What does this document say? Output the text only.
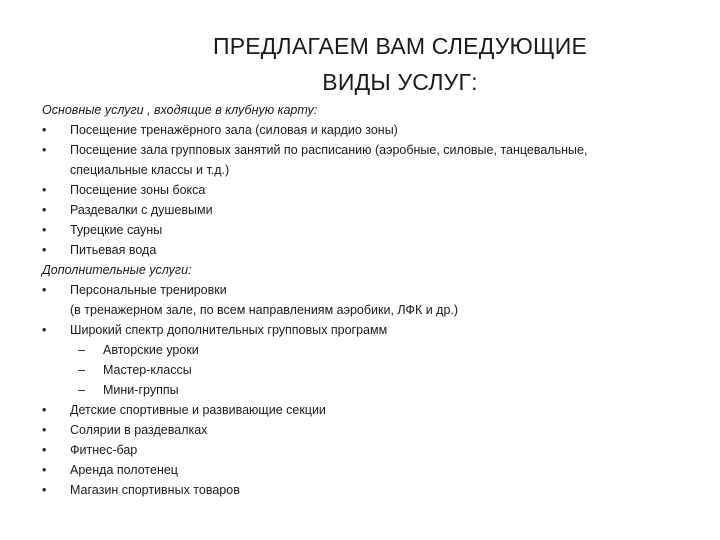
ПРЕДЛАГАЕМ ВАМ СЛЕДУЮЩИЕ
ВИДЫ УСЛУГ:
Основные услуги , входящие в клубную карту:
•	Посещение тренажёрного зала (силовая и кардио зоны)
•	Посещение зала групповых занятий по расписанию (аэробные, силовые, танцевальные,
специальные классы и т.д.)
•	Посещение зоны бокса
•	Раздевалки с душевыми
•	Турецкие сауны
•	Питьевая вода
Дополнительные услуги:
•	Персональные тренировки
(в тренажерном зале, по всем направлениям аэробики, ЛФК и др.)
•	Широкий спектр дополнительных групповых программ
–	Авторские уроки
–	Мастер-классы
–	Мини-группы
•	Детские спортивные и развивающие секции
•	Солярии в раздевалках
•	Фитнес-бар
•	Аренда полотенец
•	Магазин спортивных товаров
